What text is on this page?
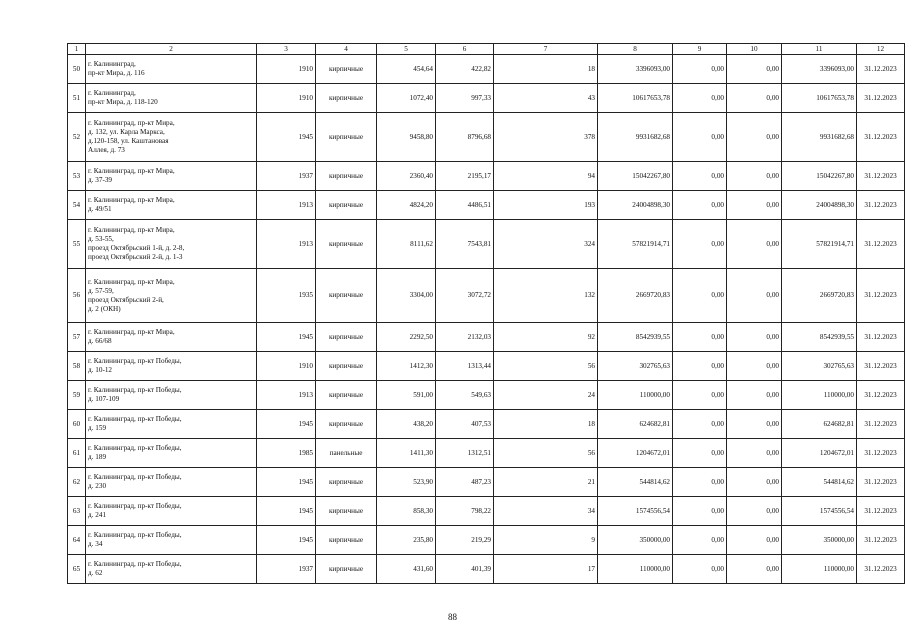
1	2	3	4	5	6	7	8	9	10	11	12
50	г. Калининград,
пр-кт Мира, д. 116	1910	кирпичные	454,64	422,82	18	3396093,00	0,00	0,00	3396093,00	31.12.2023
51	г. Калининград,
пр-кт Мира, д. 118-120	1910	кирпичные	1072,40	997,33	43	10617653,78	0,00	0,00	10617653,78	31.12.2023
52	г. Калининград, пр-кт Мира,
д. 132, ул. Карла Маркса,
д.120-158, ул. Каштановая
Аллея, д. 73	1945	кирпичные	9458,80	8796,68	378	9931682,68	0,00	0,00	9931682,68	31.12.2023
53	г. Калининград, пр-кт Мира,
д. 37-39	1937	кирпичные	2360,40	2195,17	94	15042267,80	0,00	0,00	15042267,80	31.12.2023
54	г. Калининград, пр-кт Мира,
д. 49/51	1913	кирпичные	4824,20	4486,51	193	24004898,30	0,00	0,00	24004898,30	31.12.2023
55	г. Калининград, пр-кт Мира,
д. 53-55,
проезд Октябрьский 1-й, д. 2-8,
проезд Октябрьский 2-й, д. 1-3	1913	кирпичные	8111,62	7543,81	324	57821914,71	0,00	0,00	57821914,71	31.12.2023
56	г. Калининград, пр-кт Мира,
д. 57-59,
проезд Октябрьский 2-й,
д. 2 (ОКН)	1935	кирпичные	3304,00	3072,72	132	2669720,83	0,00	0,00	2669720,83	31.12.2023
57	г. Калининград, пр-кт Мира,
д. 66/68	1945	кирпичные	2292,50	2132,03	92	8542939,55	0,00	0,00	8542939,55	31.12.2023
58	г. Калининград, пр-кт Победы,
д. 10-12	1910	кирпичные	1412,30	1313,44	56	302765,63	0,00	0,00	302765,63	31.12.2023
59	г. Калининград, пр-кт Победы,
д. 107-109	1913	кирпичные	591,00	549,63	24	110000,00	0,00	0,00	110000,00	31.12.2023
60	г. Калининград, пр-кт Победы,
д. 159	1945	кирпичные	438,20	407,53	18	624682,81	0,00	0,00	624682,81	31.12.2023
61	г. Калининград, пр-кт Победы,
д. 189	1985	панельные	1411,30	1312,51	56	1204672,01	0,00	0,00	1204672,01	31.12.2023
62	г. Калининград, пр-кт Победы,
д. 230	1945	кирпичные	523,90	487,23	21	544814,62	0,00	0,00	544814,62	31.12.2023
63	г. Калининград, пр-кт Победы,
д. 241	1945	кирпичные	858,30	798,22	34	1574556,54	0,00	0,00	1574556,54	31.12.2023
64	г. Калининград, пр-кт Победы,
д. 34	1945	кирпичные	235,80	219,29	9	350000,00	0,00	0,00	350000,00	31.12.2023
65	г. Калининград, пр-кт Победы,
д. 62	1937	кирпичные	431,60	401,39	17	110000,00	0,00	0,00	110000,00	31.12.2023
88
